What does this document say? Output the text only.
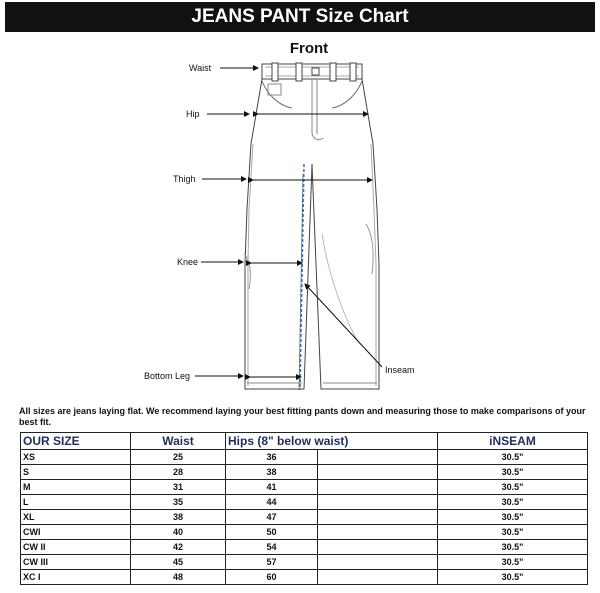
JEANS PANT Size Chart
Front
Waist
Hip
Thigh
Knee
Bottom Leg
Inseam
All sizes are jeans laying flat. We recommend laying your best fitting pants down and measuring those to make comparisons of your best fit.
OUR SIZE	Waist	Hips (8" below waist)		iNSEAM
XS	25	36		30.5"
S	28	38		30.5"
M	31	41		30.5"
L	35	44		30.5"
XL	38	47		30.5"
CWI	40	50		30.5"
CW II	42	54		30.5"
CW III	45	57		30.5"
XC I	48	60		30.5"
